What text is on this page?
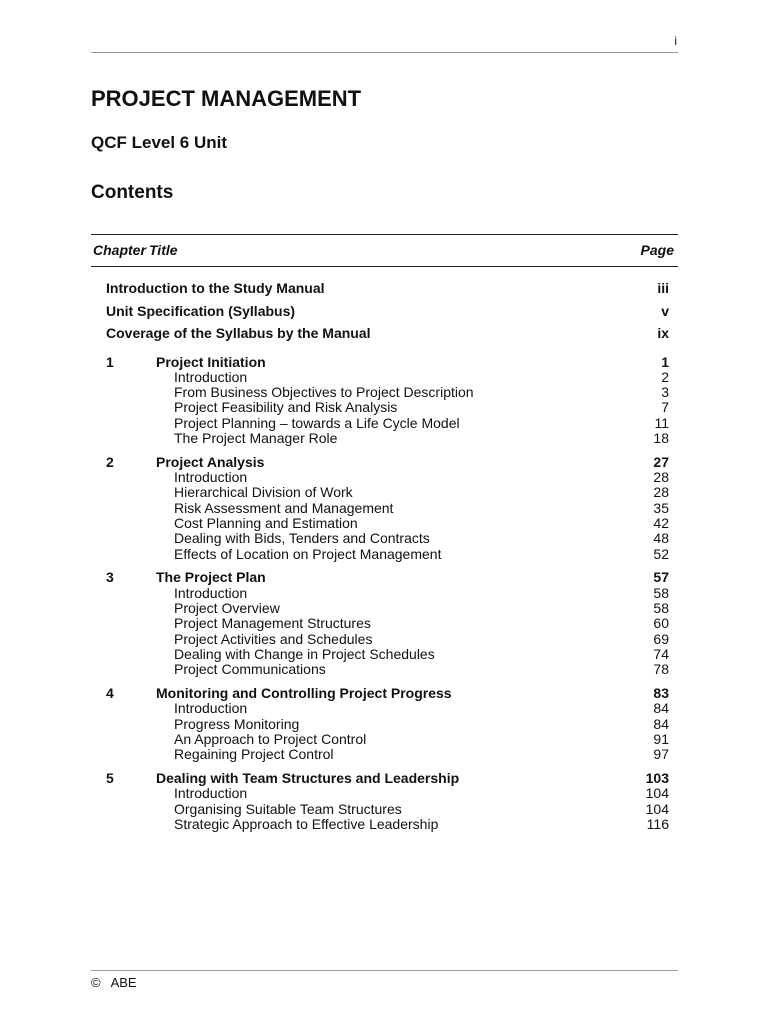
i
PROJECT MANAGEMENT
QCF Level 6 Unit
Contents
Chapter Title	Page
Introduction to the Study Manual	iii
Unit Specification (Syllabus)	v
Coverage of the Syllabus by the Manual	ix
1	Project Initiation	1
Introduction	2
From Business Objectives to Project Description	3
Project Feasibility and Risk Analysis	7
Project Planning – towards a Life Cycle Model	11
The Project Manager Role	18
2	Project Analysis	27
Introduction	28
Hierarchical Division of Work	28
Risk Assessment and Management	35
Cost Planning and Estimation	42
Dealing with Bids, Tenders and Contracts	48
Effects of Location on Project Management	52
3	The Project Plan	57
Introduction	58
Project Overview	58
Project Management Structures	60
Project Activities and Schedules	69
Dealing with Change in Project Schedules	74
Project Communications	78
4	Monitoring and Controlling Project Progress	83
Introduction	84
Progress Monitoring	84
An Approach to Project Control	91
Regaining Project Control	97
5	Dealing with Team Structures and Leadership	103
Introduction	104
Organising Suitable Team Structures	104
Strategic Approach to Effective Leadership	116
© ABE
